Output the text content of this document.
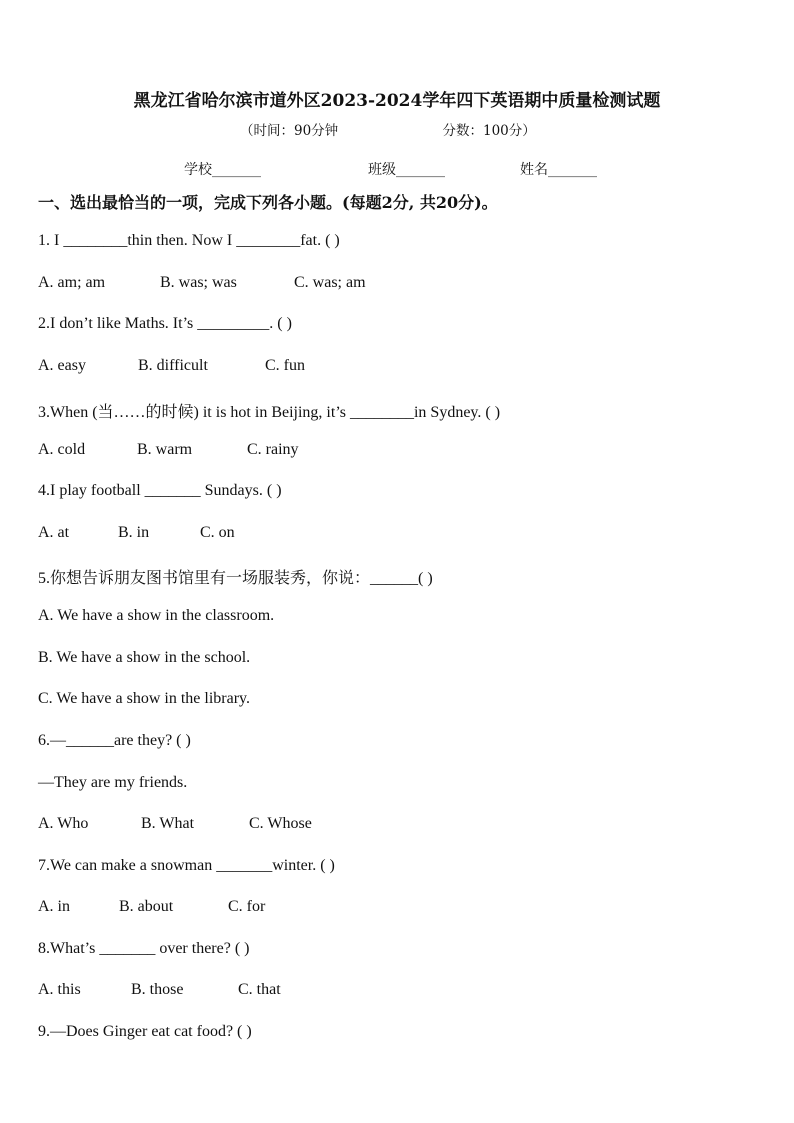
黑龙江省哈尔滨市道外区2023-2024学年四下英语期中质量检测试题
（时间：90分钟	分数：100分）
学校_______	班级_______	姓名_______
一、选出最恰当的一项，完成下列各小题。(每题2分, 共20分)。
1. I ________thin then. Now I ________fat. ( )
A. am; am	B. was; was	C. was; am
2.I don’t like Maths. It’s _________. ( )
A. easy	B. difficult	C. fun
3.When (当……的时候) it is hot in Beijing, it’s ________in Sydney. ( )
A. cold	B. warm	C. rainy
4.I play football _______ Sundays. ( )
A. at	B. in	C. on
5.你想告诉朋友图书馆里有一场服装秀，你说：______( )
A. We have a show in the classroom.
B. We have a show in the school.
C. We have a show in the library.
6.—______are they? ( )
—They are my friends.
A. Who	B. What	C. Whose
7.We can make a snowman _______winter. ( )
A. in	B. about	C. for
8.What’s _______ over there? ( )
A. this	B. those	C. that
9.—Does Ginger eat cat food? ( )
